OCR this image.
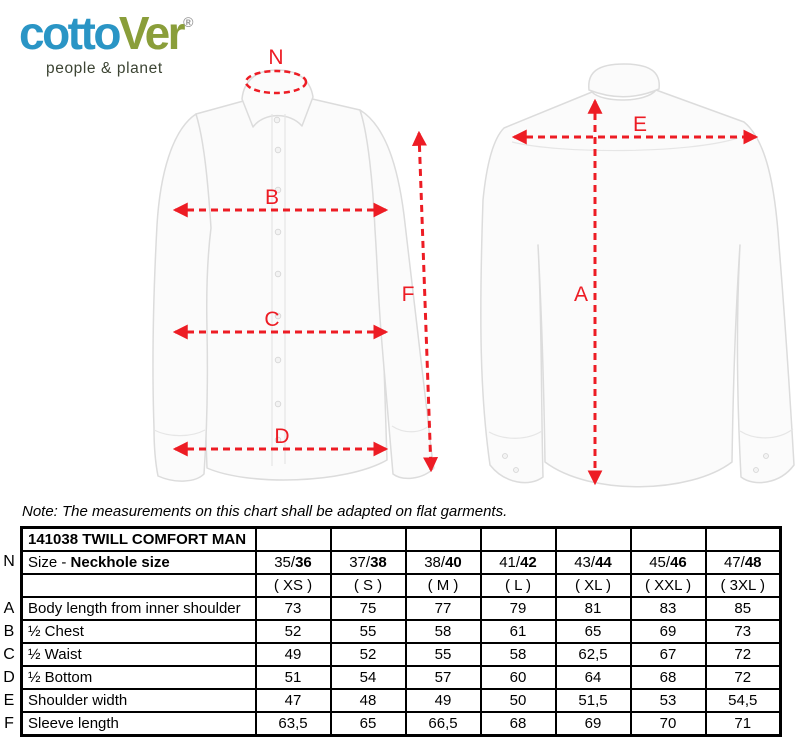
N
B
C
D
F
E
A
cottoVer®
people & planet
Note: The measurements on this chart shall be adapted on flat garments.
N
A
B
C
D
E
F
141038 TWILL COMFORT MAN							
Size - Neckhole size	35/36	37/38	38/40	41/42	43/44	45/46	47/48
	( XS )	( S )	( M )	( L )	( XL )	( XXL )	( 3XL )
Body length from inner shoulder	73	75	77	79	81	83	85
½ Chest	52	55	58	61	65	69	73
½ Waist	49	52	55	58	62,5	67	72
½ Bottom	51	54	57	60	64	68	72
Shoulder width	47	48	49	50	51,5	53	54,5
Sleeve length	63,5	65	66,5	68	69	70	71
